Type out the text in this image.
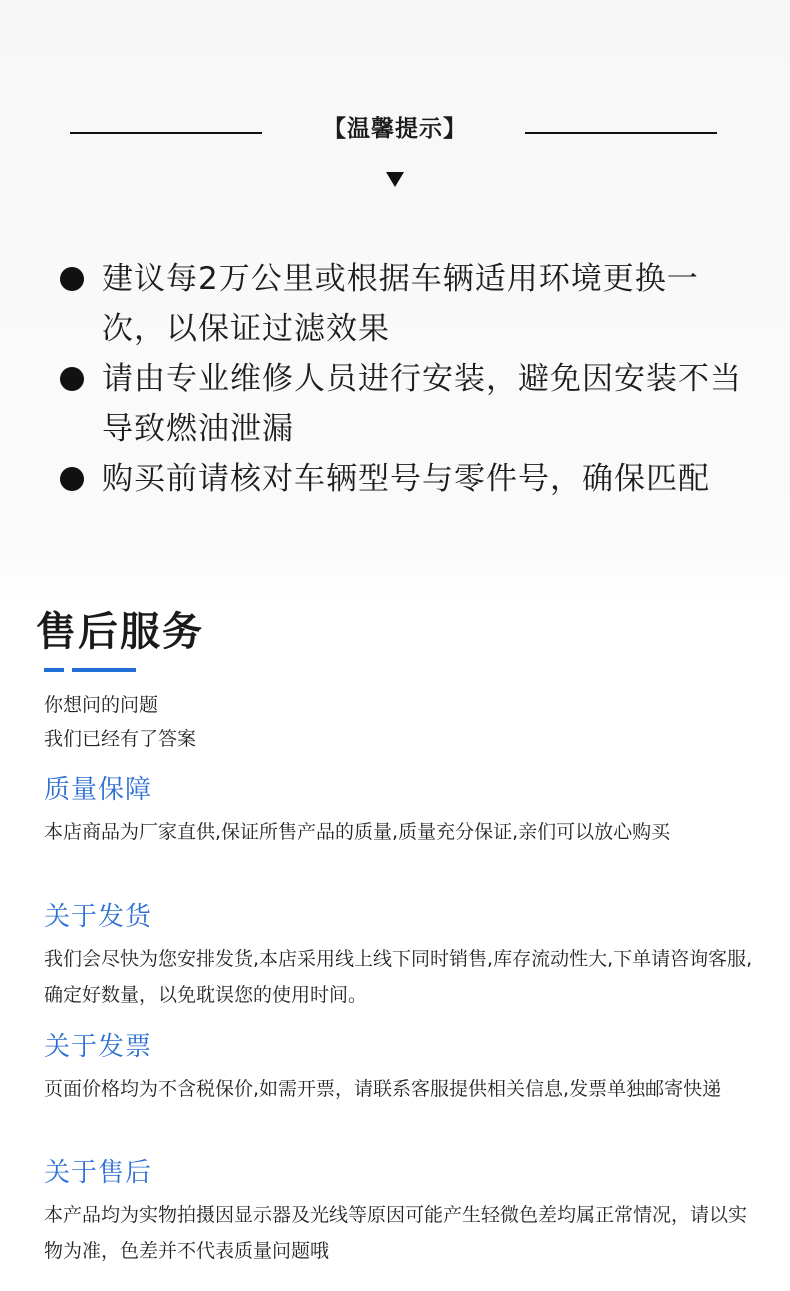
【温馨提示】
建议每2万公里或根据车辆适用环境更换一次，以保证过滤效果
请由专业维修人员进行安装，避免因安装不当导致燃油泄漏
购买前请核对车辆型号与零件号，确保匹配
售后服务
你想问的问题
我们已经有了答案
质量保障

本店商品为厂家直供,保证所售产品的质量,质量充分保证,亲们可以放心购买

关于发货

我们会尽快为您安排发货,本店采用线上线下同时销售,库存流动性大,下单请咨询客服,确定好数量，以免耽误您的使用时间。

关于发票

页面价格均为不含税保价,如需开票，请联系客服提供相关信息,发票单独邮寄快递

关于售后

本产品均为实物拍摄因显示器及光线等原因可能产生轻微色差均属正常情况，请以实物为准，色差并不代表质量问题哦
